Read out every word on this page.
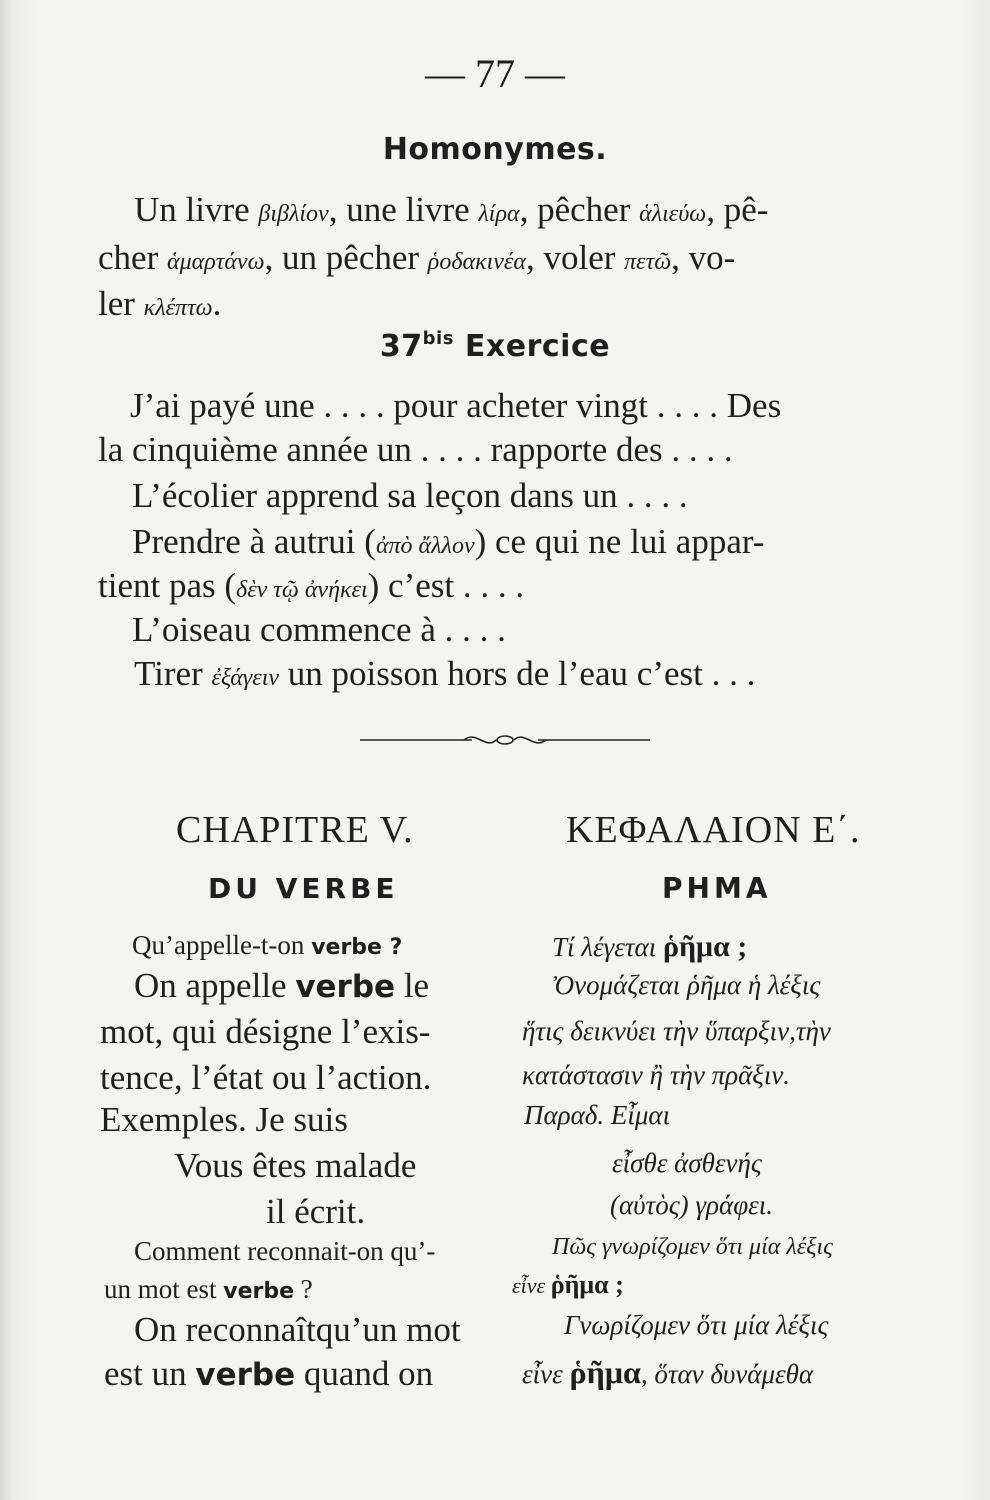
— 77 —
Homonymes.
Un livre βιβλίον, une livre λίρα, pêcher ἁλιεύω, pê-
cher ἁμαρτάνω, un pêcher ῥοδακινέα, voler πετῶ, vo-
ler κλέπτω.
$37^{bis}$ Exercice
J’ai payé une . . . . pour acheter vingt . . . . Des
la cinquième année un . . . . rapporte des . . . .
L’écolier apprend sa leçon dans un . . . .
Prendre à autrui (ἀπὸ ἄλλον) ce qui ne lui appar-
tient pas (δὲν τῷ ἀνήκει) c’est . . . .
L’oiseau commence à . . . .
Tirer ἐξάγειν un poisson hors de l’eau c’est . . .
CHAPITRE V.	ΚΕΦΑΛΑΙΟΝ Ε΄.
DU VERBE	ΡΗΜΑ
Qu’appelle-t-on verbe ?	Τί λέγεται ῥῆμα ;
On appelle verbe le
mot, qui désigne l’exis-
tence, l’état ou l’action.
Exemples. Je suis
Vous êtes malade
il écrit.
Ὀνομάζεται ῥῆμα ἡ λέξις
ἥτις δεικνύει τὴν ὕπαρξιν,τὴν
κατάστασιν ἢ τὴν πρᾶξιν.
Παραδ. Εἶμαι
εἶσθε ἀσθενής
(αὐτὸς) γράφει.
Comment reconnait-on qu’-
un mot est verbe ?
Πῶς γνωρίζομεν ὅτι μία λέξις
εἶνε ῥῆμα ;
On reconnaîtqu’un mot
est un verbe quand on
Γνωρίζομεν ὅτι μία λέξις
εἶνε ῥῆμα, ὅταν δυνάμεθα
